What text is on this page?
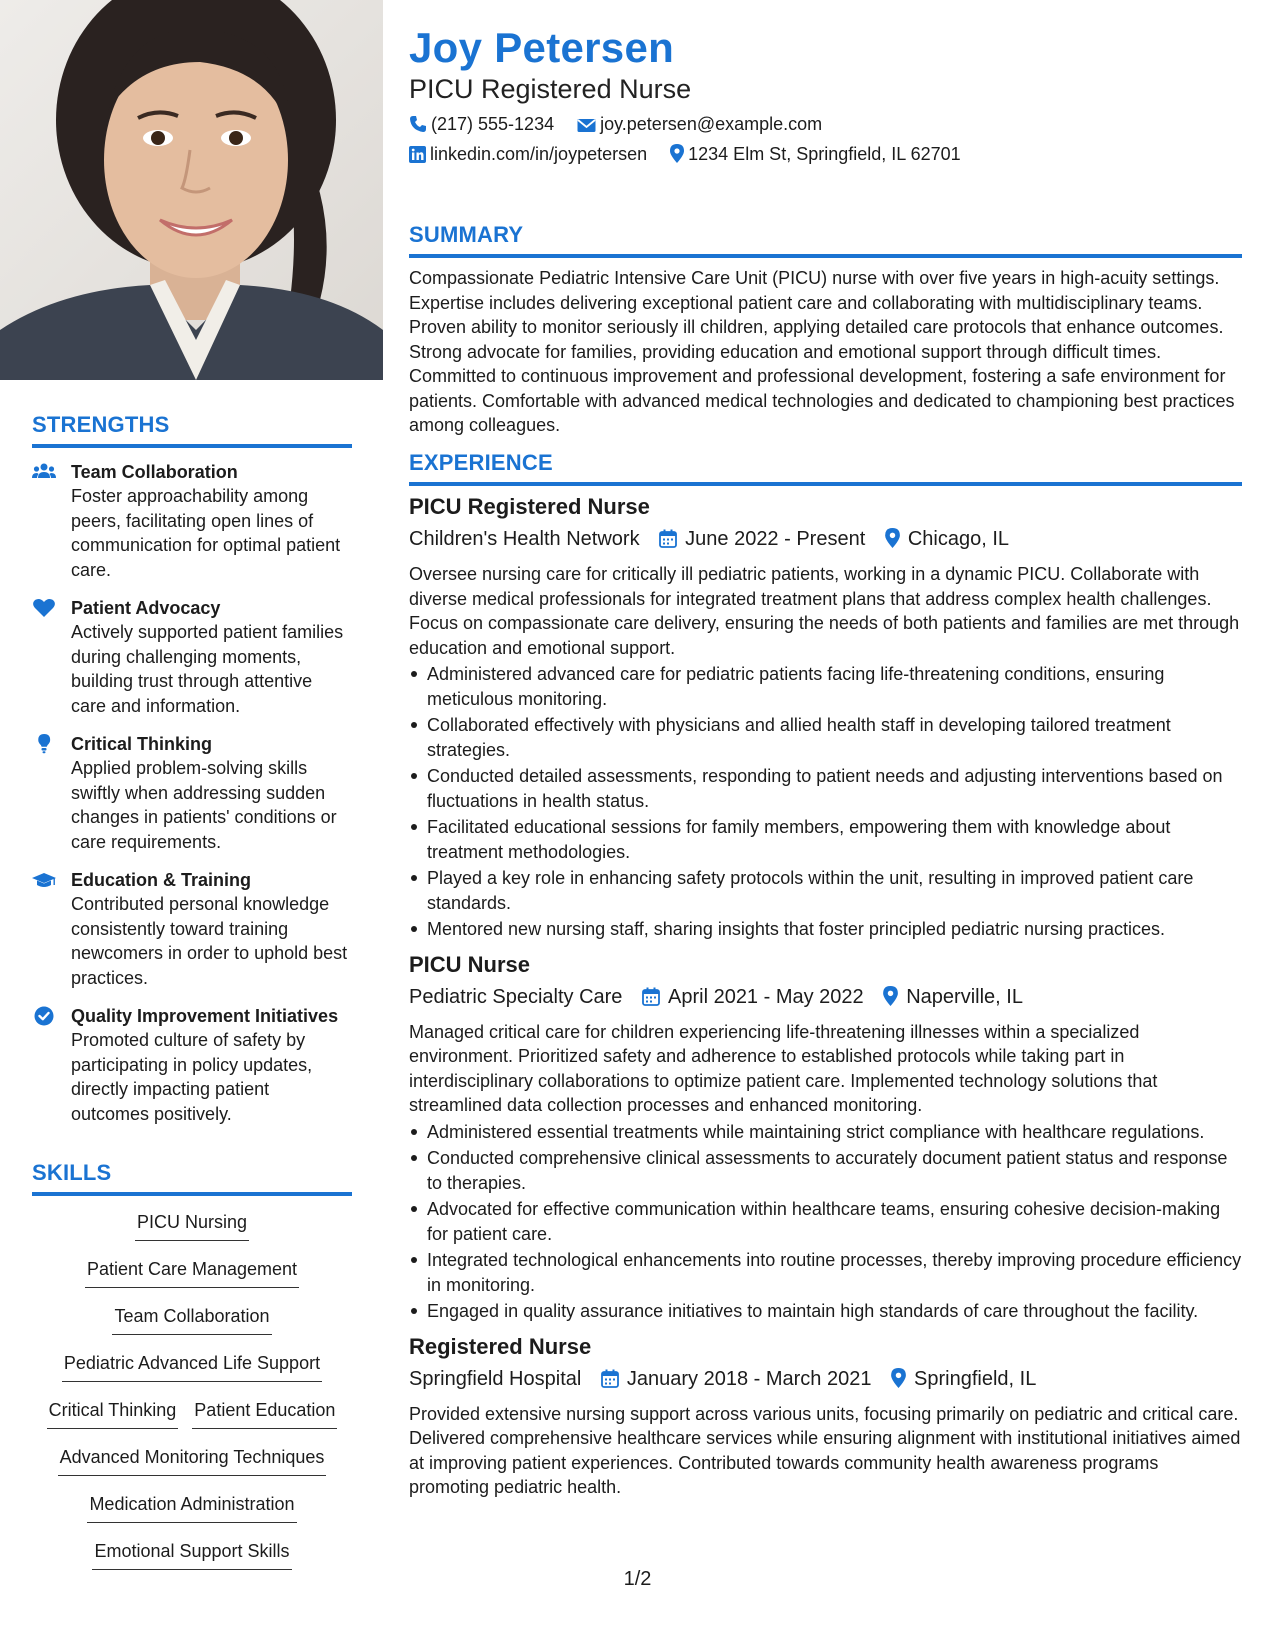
STRENGTHS
Team Collaboration
Foster approachability among peers, facilitating open lines of communication for optimal patient care.
Patient Advocacy
Actively supported patient families during challenging moments, building trust through attentive care and information.
Critical Thinking
Applied problem-solving skills swiftly when addressing sudden changes in patients' conditions or care requirements.
Education & Training
Contributed personal knowledge consistently toward training newcomers in order to uphold best practices.
Quality Improvement Initiatives
Promoted culture of safety by participating in policy updates, directly impacting patient outcomes positively.
SKILLS
PICU Nursing
Patient Care Management
Team Collaboration
Pediatric Advanced Life Support
Critical Thinking Patient Education
Advanced Monitoring Techniques
Medication Administration
Emotional Support Skills
Joy Petersen
PICU Registered Nurse
(217) 555-1234	joy.petersen@example.com
linkedin.com/in/joypetersen 1234 Elm St, Springfield, IL 62701
SUMMARY
Compassionate Pediatric Intensive Care Unit (PICU) nurse with over five years in high-acuity settings. Expertise includes delivering exceptional patient care and collaborating with multidisciplinary teams. Proven ability to monitor seriously ill children, applying detailed care protocols that enhance outcomes. Strong advocate for families, providing education and emotional support through difficult times. Committed to continuous improvement and professional development, fostering a safe environment for patients. Comfortable with advanced medical technologies and dedicated to championing best practices among colleagues.
EXPERIENCE
PICU Registered Nurse
Children's Health Network June 2022 - Present Chicago, IL
Oversee nursing care for critically ill pediatric patients, working in a dynamic PICU. Collaborate with diverse medical professionals for integrated treatment plans that address complex health challenges. Focus on compassionate care delivery, ensuring the needs of both patients and families are met through education and emotional support.
Administered advanced care for pediatric patients facing life-threatening conditions, ensuring meticulous monitoring.
Collaborated effectively with physicians and allied health staff in developing tailored treatment strategies.
Conducted detailed assessments, responding to patient needs and adjusting interventions based on fluctuations in health status.
Facilitated educational sessions for family members, empowering them with knowledge about treatment methodologies.
Played a key role in enhancing safety protocols within the unit, resulting in improved patient care standards.
Mentored new nursing staff, sharing insights that foster principled pediatric nursing practices.
PICU Nurse
Pediatric Specialty Care April 2021 - May 2022 Naperville, IL
Managed critical care for children experiencing life-threatening illnesses within a specialized environment. Prioritized safety and adherence to established protocols while taking part in interdisciplinary collaborations to optimize patient care. Implemented technology solutions that streamlined data collection processes and enhanced monitoring.
Administered essential treatments while maintaining strict compliance with healthcare regulations.
Conducted comprehensive clinical assessments to accurately document patient status and response to therapies.
Advocated for effective communication within healthcare teams, ensuring cohesive decision-making for patient care.
Integrated technological enhancements into routine processes, thereby improving procedure efficiency in monitoring.
Engaged in quality assurance initiatives to maintain high standards of care throughout the facility.
Registered Nurse
Springfield Hospital January 2018 - March 2021 Springfield, IL
Provided extensive nursing support across various units, focusing primarily on pediatric and critical care. Delivered comprehensive healthcare services while ensuring alignment with institutional initiatives aimed at improving patient experiences. Contributed towards community health awareness programs promoting pediatric health.
1/2
